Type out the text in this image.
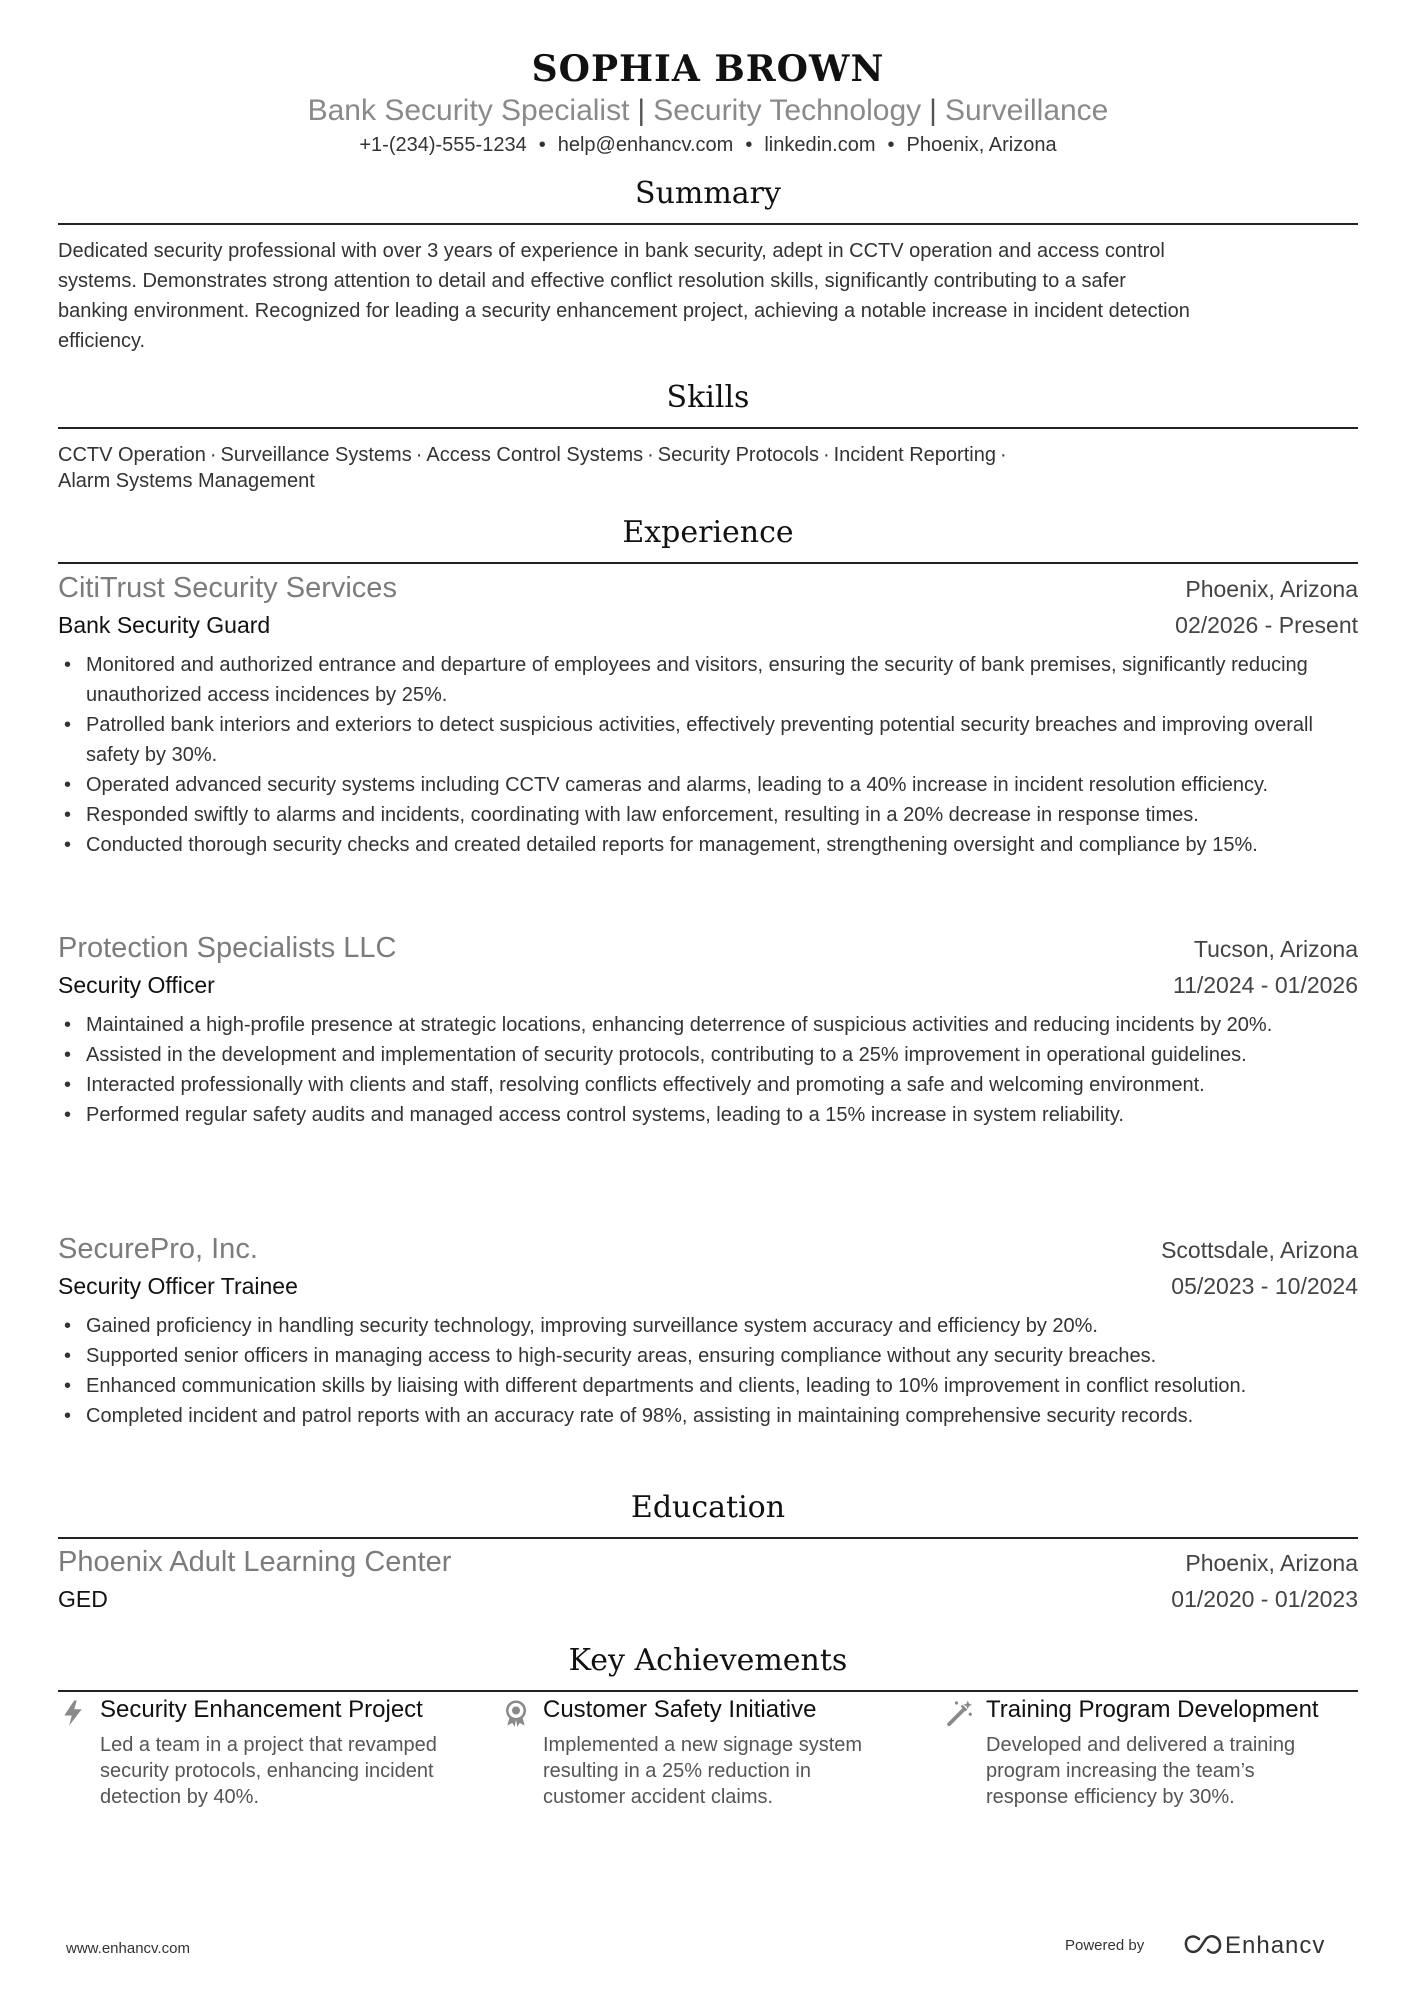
SOPHIA BROWN
Bank Security Specialist | Security Technology | Surveillance
+1-(234)-555-1234 • help@enhancv.com • linkedin.com • Phoenix, Arizona
Summary
Dedicated security professional with over 3 years of experience in bank security, adept in CCTV operation and access control
systems. Demonstrates strong attention to detail and effective conflict resolution skills, significantly contributing to a safer
banking environment. Recognized for leading a security enhancement project, achieving a notable increase in incident detection
efficiency.
Skills
CCTV Operation · Surveillance Systems · Access Control Systems · Security Protocols · Incident Reporting ·
Alarm Systems Management
Experience
CitiTrust Security Services	Phoenix, Arizona
Bank Security Guard	02/2026 - Present
• Monitored and authorized entrance and departure of employees and visitors, ensuring the security of bank premises, significantly reducing unauthorized access incidences by 25%.
• Patrolled bank interiors and exteriors to detect suspicious activities, effectively preventing potential security breaches and improving overall safety by 30%.
• Operated advanced security systems including CCTV cameras and alarms, leading to a 40% increase in incident resolution efficiency.
• Responded swiftly to alarms and incidents, coordinating with law enforcement, resulting in a 20% decrease in response times.
• Conducted thorough security checks and created detailed reports for management, strengthening oversight and compliance by 15%.
Protection Specialists LLC	Tucson, Arizona
Security Officer	11/2024 - 01/2026
• Maintained a high-profile presence at strategic locations, enhancing deterrence of suspicious activities and reducing incidents by 20%.
• Assisted in the development and implementation of security protocols, contributing to a 25% improvement in operational guidelines.
• Interacted professionally with clients and staff, resolving conflicts effectively and promoting a safe and welcoming environment.
• Performed regular safety audits and managed access control systems, leading to a 15% increase in system reliability.
SecurePro, Inc.	Scottsdale, Arizona
Security Officer Trainee	05/2023 - 10/2024
• Gained proficiency in handling security technology, improving surveillance system accuracy and efficiency by 20%.
• Supported senior officers in managing access to high-security areas, ensuring compliance without any security breaches.
• Enhanced communication skills by liaising with different departments and clients, leading to 10% improvement in conflict resolution.
• Completed incident and patrol reports with an accuracy rate of 98%, assisting in maintaining comprehensive security records.
Education
Phoenix Adult Learning Center	Phoenix, Arizona
GED	01/2020 - 01/2023
Key Achievements
Security Enhancement Project
Led a team in a project that revamped security protocols, enhancing incident detection by 40%.
Customer Safety Initiative
Implemented a new signage system resulting in a 25% reduction in customer accident claims.
Training Program Development
Developed and delivered a training program increasing the team’s response efficiency by 30%.
www.enhancv.com	Powered by	Enhancv
